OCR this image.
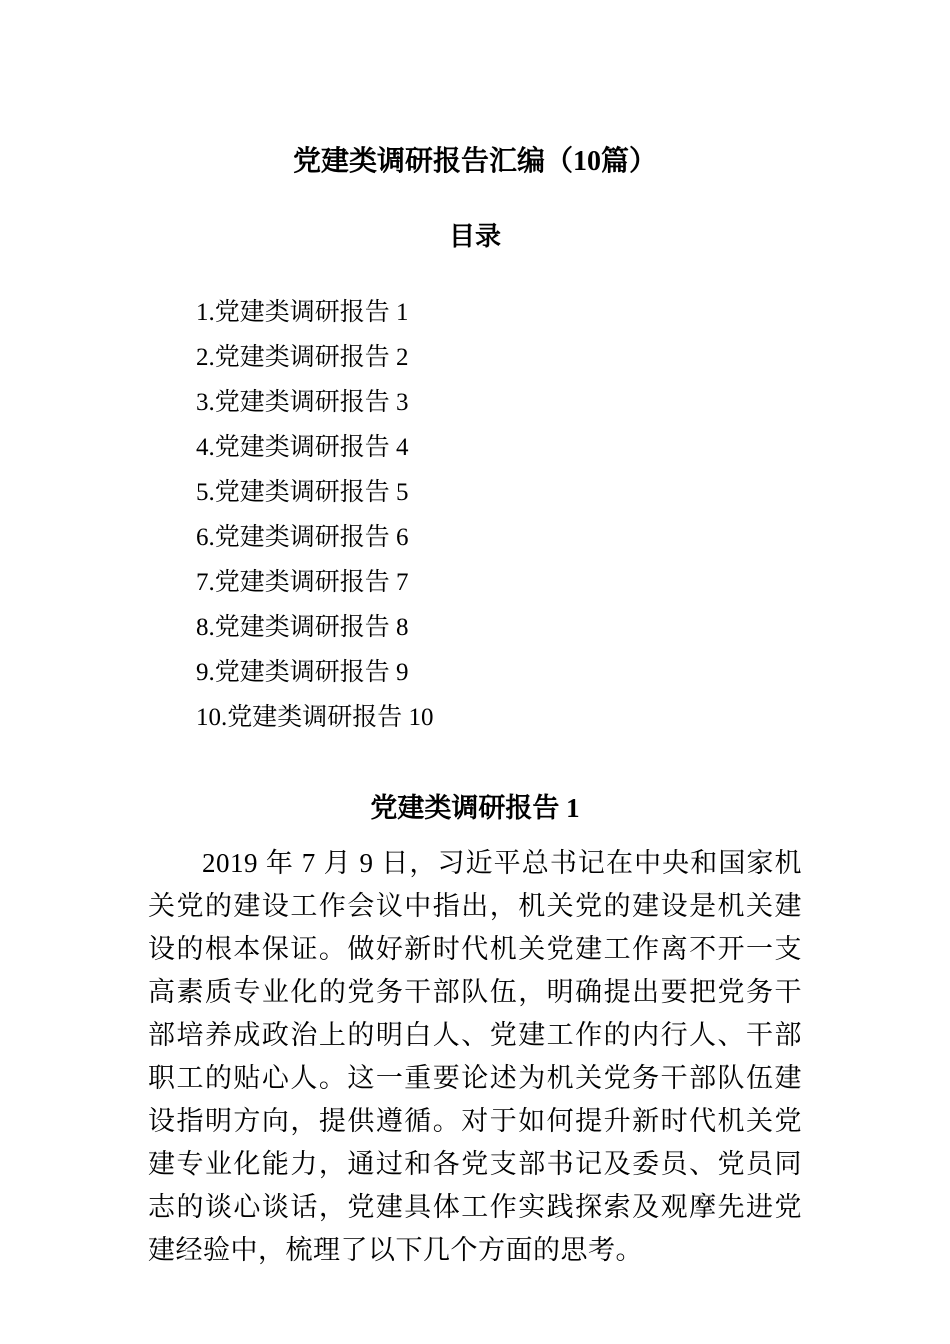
党建类调研报告汇编（10篇）
目录
1.党建类调研报告 1
2.党建类调研报告 2
3.党建类调研报告 3
4.党建类调研报告 4
5.党建类调研报告 5
6.党建类调研报告 6
7.党建类调研报告 7
8.党建类调研报告 8
9.党建类调研报告 9
10.党建类调研报告 10
党建类调研报告 1

2019 年 7 月 9 日，习近平总书记在中央和国家机关党的建设工作会议中指出，机关党的建设是机关建设的根本保证。做好新时代机关党建工作离不开一支高素质专业化的党务干部队伍，明确提出要把党务干部培养成政治上的明白人、党建工作的内行人、干部职工的贴心人。这一重要论述为机关党务干部队伍建设指明方向，提供遵循。对于如何提升新时代机关党建专业化能力，通过和各党支部书记及委员、党员同志的谈心谈话，党建具体工作实践探索及观摩先进党建经验中，梳理了以下几个方面的思考。
